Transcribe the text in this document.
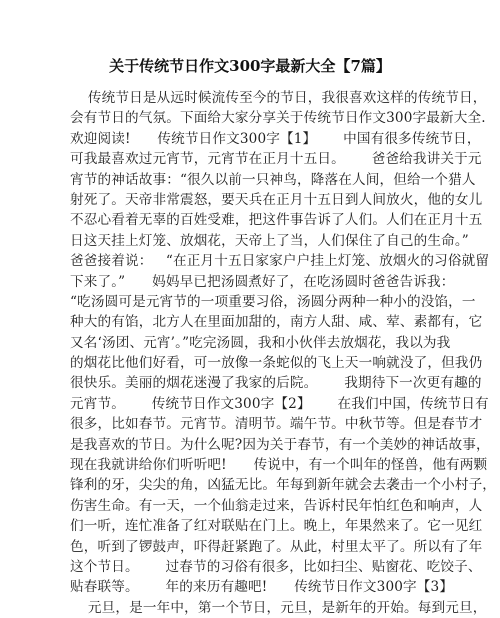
关于传统节日作文300字最新大全【7篇】
传统节日是从远时候流传至今的节日，我很喜欢这样的传统节日，
会有节日的气氛。下面给大家分享关于传统节日作文300字最新大全.
欢迎阅读!      传统节日作文300字【1】      中国有很多传统节日，
可我最喜欢过元宵节，元宵节在正月十五日。      爸爸给我讲关于元
宵节的神话故事：“很久以前一只神鸟，降落在人间，但给一个猎人
射死了。天帝非常震怒，要天兵在正月十五日到人间放火，他的女儿
不忍心看着无辜的百姓受难，把这件事告诉了人们。人们在正月十五
日这天挂上灯笼、放烟花，天帝上了当，人们保住了自己的生命。”
爸爸接着说：   “在正月十五日家家户户挂上灯笼、放烟火的习俗就留
下来了。”      妈妈早已把汤圆煮好了，在吃汤圆时爸爸告诉我：
“吃汤圆可是元宵节的一项重要习俗，汤圆分两种一种小的没馅，一
种大的有馅，北方人在里面加甜的，南方人甜、咸、荤、素都有，它
又名‘汤团、元宵’。”吃完汤圆，我和小伙伴去放烟花，我以为我
的烟花比他们好看，可一放像一条蛇似的飞上天一响就没了，但我仍
很快乐。美丽的烟花迷漫了我家的后院。      我期待下一次更有趣的
元宵节。      传统节日作文300字【2】      在我们中国，传统节日有
很多，比如春节。元宵节。清明节。端午节。中秋节等。但是春节才
是我喜欢的节日。为什么呢?因为关于春节，有一个美妙的神话故事，
现在我就讲给你们听听吧!      传说中，有一个叫年的怪兽，他有两颗
锋利的牙，尖尖的角，凶猛无比。年每到新年就会去袭击一个小村子，
伤害生命。有一天，一个仙翁走过来，告诉村民年怕红色和响声，人
们一听，连忙准备了红对联贴在门上。晚上，年果然来了。它一见红
色，听到了锣鼓声，吓得赶紧跑了。从此，村里太平了。所以有了年
这个节日。      过春节的习俗有很多，比如扫尘、贴窗花、吃饺子、
贴春联等。      年的来历有趣吧!      传统节日作文300字【3】
元旦，是一年中，第一个节日，元旦，是新年的开始。每到元旦，
